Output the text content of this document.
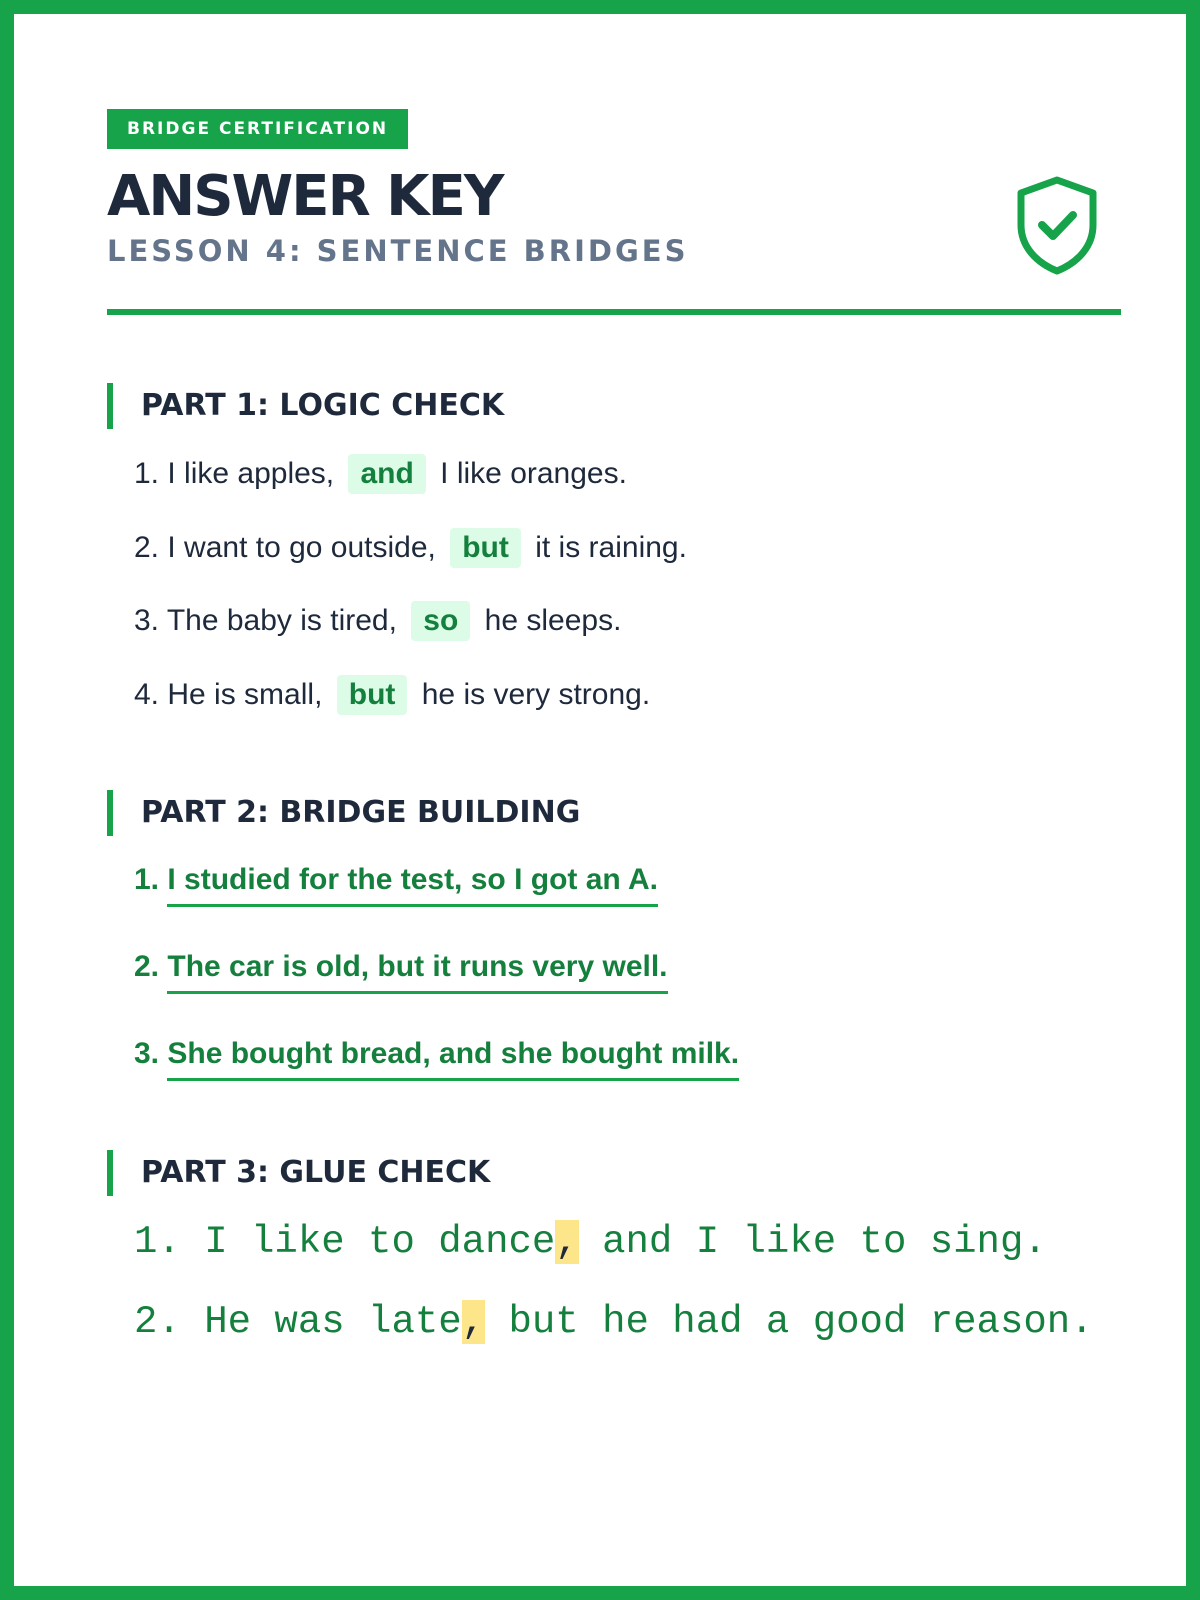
BRIDGE CERTIFICATION
ANSWER KEY
LESSON 4: SENTENCE BRIDGES
PART 1: LOGIC CHECK
1. I like apples, and I like oranges.
2. I want to go outside, but it is raining.
3. The baby is tired, so he sleeps.
4. He is small, but he is very strong.
PART 2: BRIDGE BUILDING
1. I studied for the test, so I got an A.
2. The car is old, but it runs very well.
3. She bought bread, and she bought milk.
PART 3: GLUE CHECK
1. I like to dance, and I like to sing.
2. He was late, but he had a good reason.
